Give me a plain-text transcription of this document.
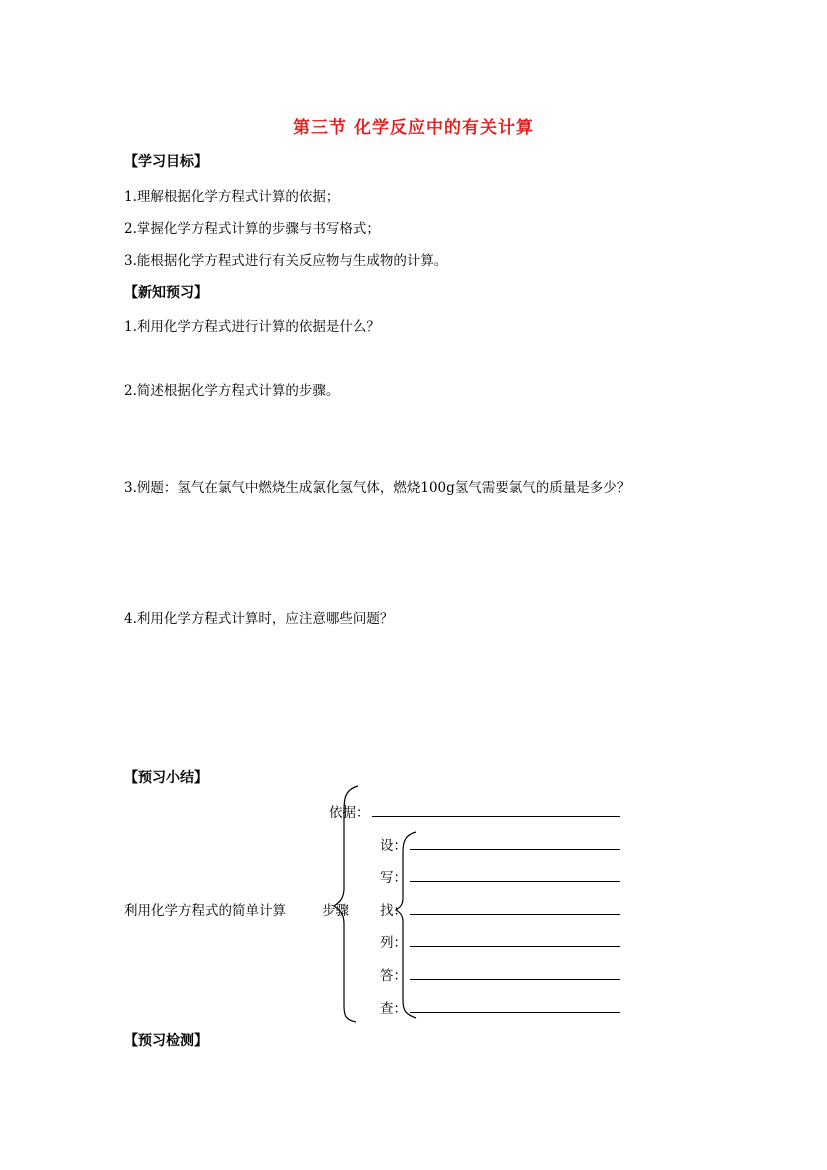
第三节 化学反应中的有关计算
【学习目标】
1.理解根据化学方程式计算的依据；
2.掌握化学方程式计算的步骤与书写格式；
3.能根据化学方程式进行有关反应物与生成物的计算。
【新知预习】
1.利用化学方程式进行计算的依据是什么？
2.简述根据化学方程式计算的步骤。
3.例题：氢气在氯气中燃烧生成氯化氢气体，燃烧100g氢气需要氯气的质量是多少？
4.利用化学方程式计算时，应注意哪些问题？
【预习小结】
利用化学方程式的简单计算	步骤
依据：
设：
写：
找：
列：
答：
查：
【预习检测】
